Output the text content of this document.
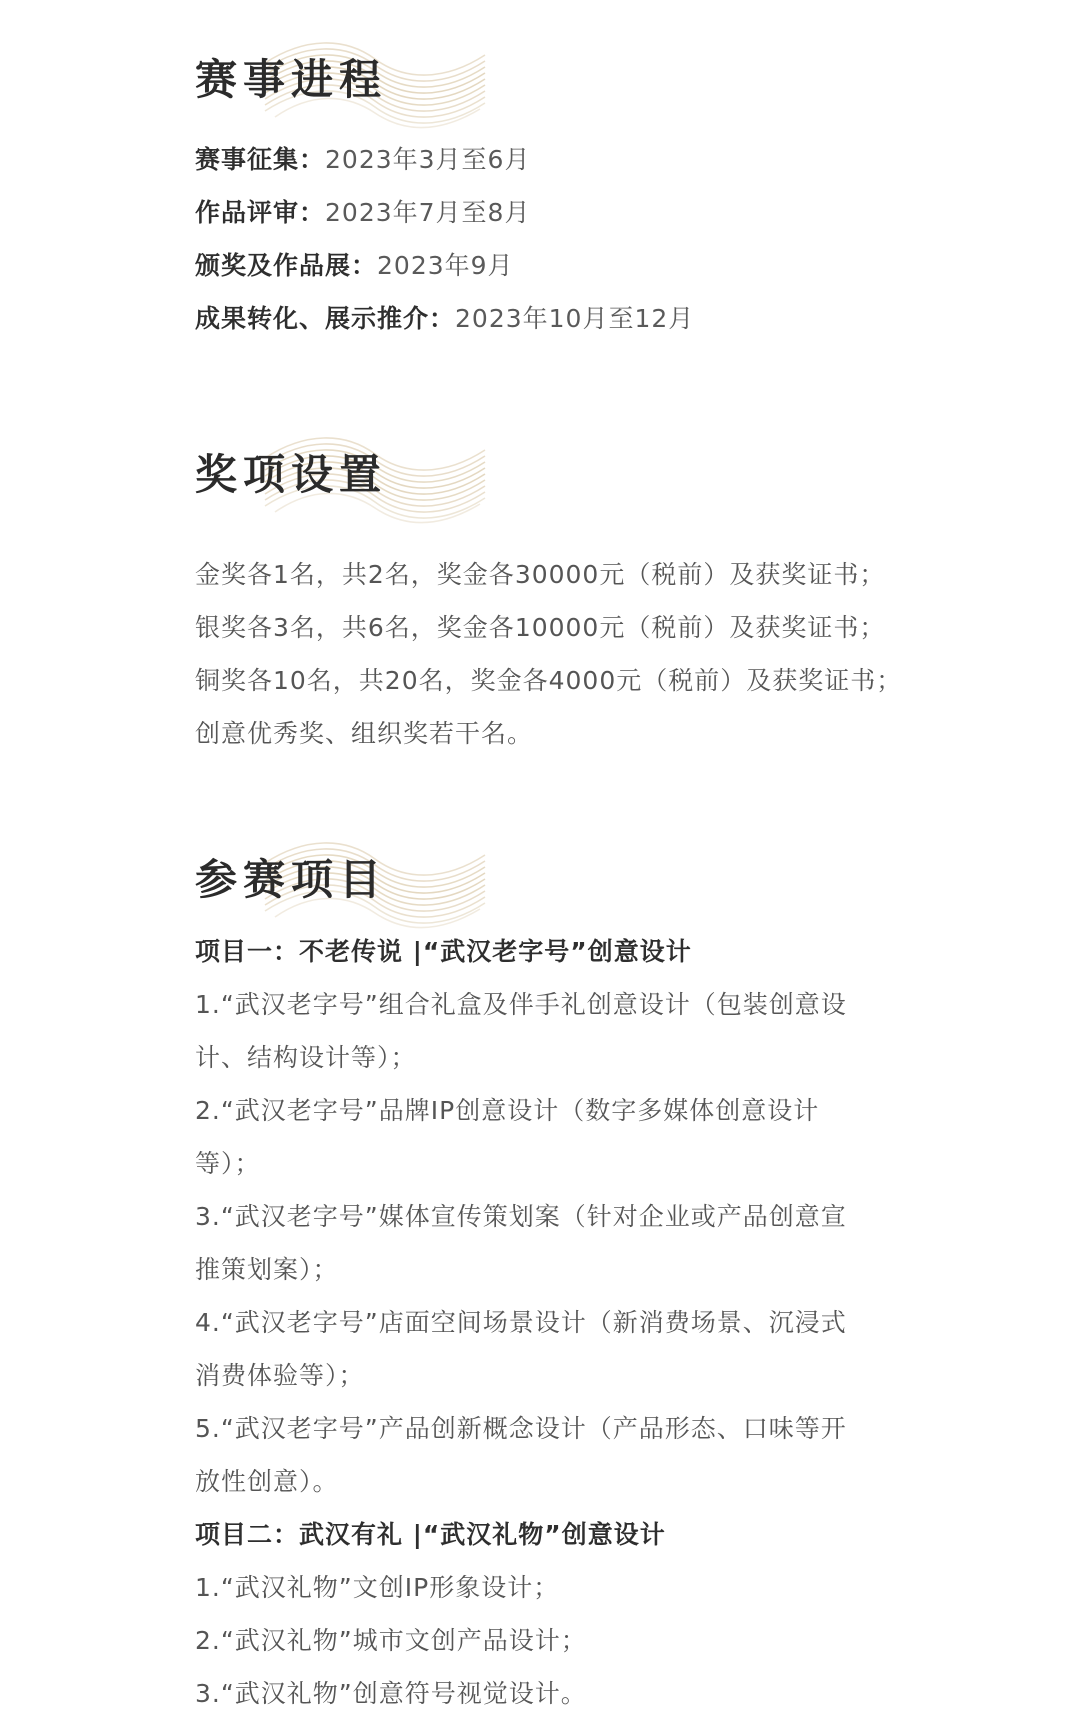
赛事进程
赛事征集：2023年3月至6月
作品评审：2023年7月至8月
颁奖及作品展：2023年9月
成果转化、展示推介：2023年10月至12月
奖项设置
金奖各1名，共2名，奖金各30000元（税前）及获奖证书；
银奖各3名，共6名，奖金各10000元（税前）及获奖证书；
铜奖各10名，共20名，奖金各4000元（税前）及获奖证书；
创意优秀奖、组织奖若干名。
参赛项目
项目一：不老传说 |“武汉老字号”创意设计
1.“武汉老字号”组合礼盒及伴手礼创意设计（包装创意设
计、结构设计等）；
2.“武汉老字号”品牌IP创意设计（数字多媒体创意设计
等）；
3.“武汉老字号”媒体宣传策划案（针对企业或产品创意宣
推策划案）；
4.“武汉老字号”店面空间场景设计（新消费场景、沉浸式
消费体验等）；
5.“武汉老字号”产品创新概念设计（产品形态、口味等开
放性创意）。
项目二：武汉有礼 |“武汉礼物”创意设计
1.“武汉礼物”文创IP形象设计；
2.“武汉礼物”城市文创产品设计；
3.“武汉礼物”创意符号视觉设计。
